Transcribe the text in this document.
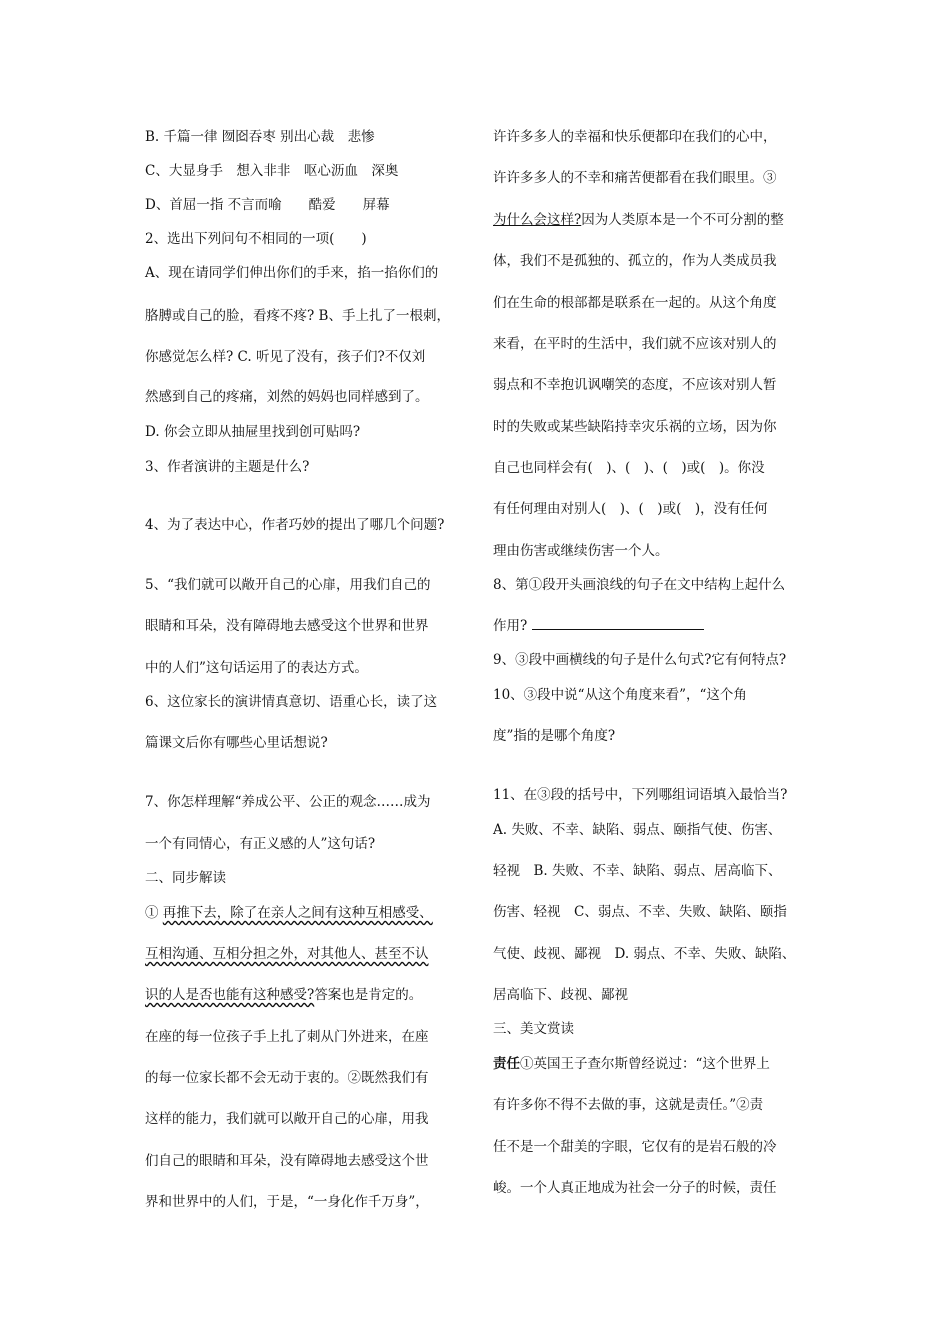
B. 千篇一律 囫囵吞枣 别出心裁　悲惨
C、大显身手　想入非非　呕心沥血　深奥
D、首屈一指 不言而喻　　酷爱　　屏幕
2、选出下列问句不相同的一项(　　)
A、现在请同学们伸出你们的手来，掐一掐你们的
胳膊或自己的脸，看疼不疼? B、手上扎了一根刺，
你感觉怎么样? C. 听见了没有，孩子们?不仅刘
然感到自己的疼痛，刘然的妈妈也同样感到了。
D. 你会立即从抽屉里找到创可贴吗?
3、作者演讲的主题是什么?
4、为了表达中心，作者巧妙的提出了哪几个问题?
5、“我们就可以敞开自己的心扉，用我们自己的
眼睛和耳朵，没有障碍地去感受这个世界和世界
中的人们”这句话运用了的表达方式。
6、这位家长的演讲情真意切、语重心长，读了这
篇课文后你有哪些心里话想说?
7、你怎样理解“养成公平、公正的观念……成为
一个有同情心，有正义感的人”这句话?
二、同步解读
① 再推下去，除了在亲人之间有这种互相感受、
互相沟通、互相分担之外，对其他人、甚至不认
识的人是否也能有这种感受?答案也是肯定的。
在座的每一位孩子手上扎了刺从门外进来，在座
的每一位家长都不会无动于衷的。②既然我们有
这样的能力，我们就可以敞开自己的心扉，用我
们自己的眼睛和耳朵，没有障碍地去感受这个世
界和世界中的人们，于是，“一身化作千万身”，
许许多多人的幸福和快乐便都印在我们的心中，
许许多多人的不幸和痛苦便都看在我们眼里。③
为什么会这样?因为人类原本是一个不可分割的整
体，我们不是孤独的、孤立的，作为人类成员我
们在生命的根部都是联系在一起的。从这个角度
来看，在平时的生活中，我们就不应该对别人的
弱点和不幸抱讥讽嘲笑的态度，不应该对别人暂
时的失败或某些缺陷持幸灾乐祸的立场，因为你
自己也同样会有(　)、(　)、(　)或(　)。你没
有任何理由对别人(　)、(　)或(　)，没有任何
理由伤害或继续伤害一个人。
8、第①段开头画浪线的句子在文中结构上起什么
作用?
9、③段中画横线的句子是什么句式?它有何特点?
10、③段中说“从这个角度来看”，“这个角
度”指的是哪个角度?
11、在③段的括号中，下列哪组词语填入最恰当?
A. 失败、不幸、缺陷、弱点、颐指气使、伤害、
轻视　B. 失败、不幸、缺陷、弱点、居高临下、
伤害、轻视　C、弱点、不幸、失败、缺陷、颐指
气使、歧视、鄙视　D. 弱点、不幸、失败、缺陷、
居高临下、歧视、鄙视
三、美文赏读
责任①英国王子查尔斯曾经说过：“这个世界上
有许多你不得不去做的事，这就是责任。”②责
任不是一个甜美的字眼，它仅有的是岩石般的冷
峻。一个人真正地成为社会一分子的时候，责任
